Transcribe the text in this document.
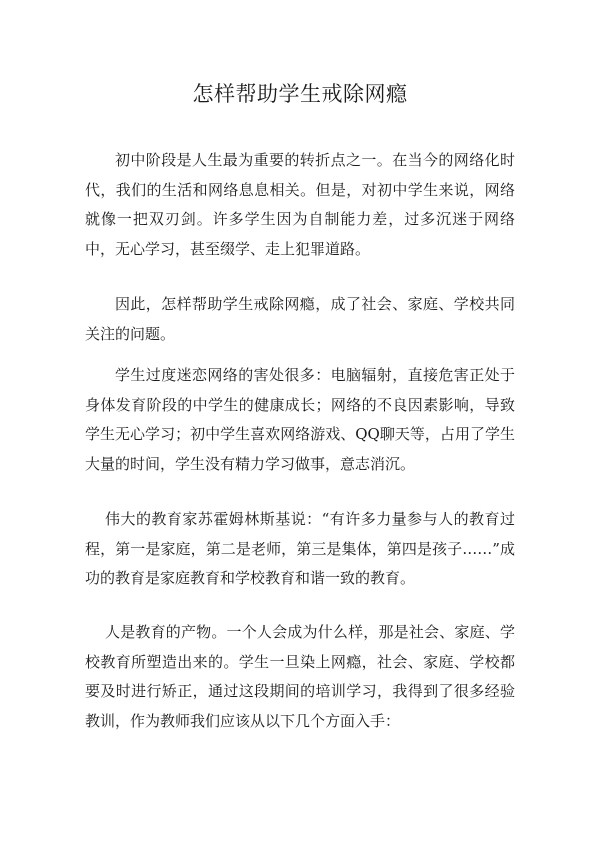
怎样帮助学生戒除网瘾

初中阶段是人生最为重要的转折点之一。在当今的网络化时代，我们的生活和网络息息相关。但是，对初中学生来说，网络就像一把双刃剑。许多学生因为自制能力差，过多沉迷于网络中，无心学习，甚至缀学、走上犯罪道路。

因此，怎样帮助学生戒除网瘾，成了社会、家庭、学校共同关注的问题。

学生过度迷恋网络的害处很多：电脑辐射，直接危害正处于身体发育阶段的中学生的健康成长；网络的不良因素影响，导致学生无心学习；初中学生喜欢网络游戏、QQ聊天等，占用了学生大量的时间，学生没有精力学习做事，意志消沉。

伟大的教育家苏霍姆林斯基说：“有许多力量参与人的教育过程，第一是家庭，第二是老师，第三是集体，第四是孩子……”成功的教育是家庭教育和学校教育和谐一致的教育。

人是教育的产物。一个人会成为什么样，那是社会、家庭、学校教育所塑造出来的。学生一旦染上网瘾，社会、家庭、学校都要及时进行矫正，通过这段期间的培训学习，我得到了很多经验教训，作为教师我们应该从以下几个方面入手：
